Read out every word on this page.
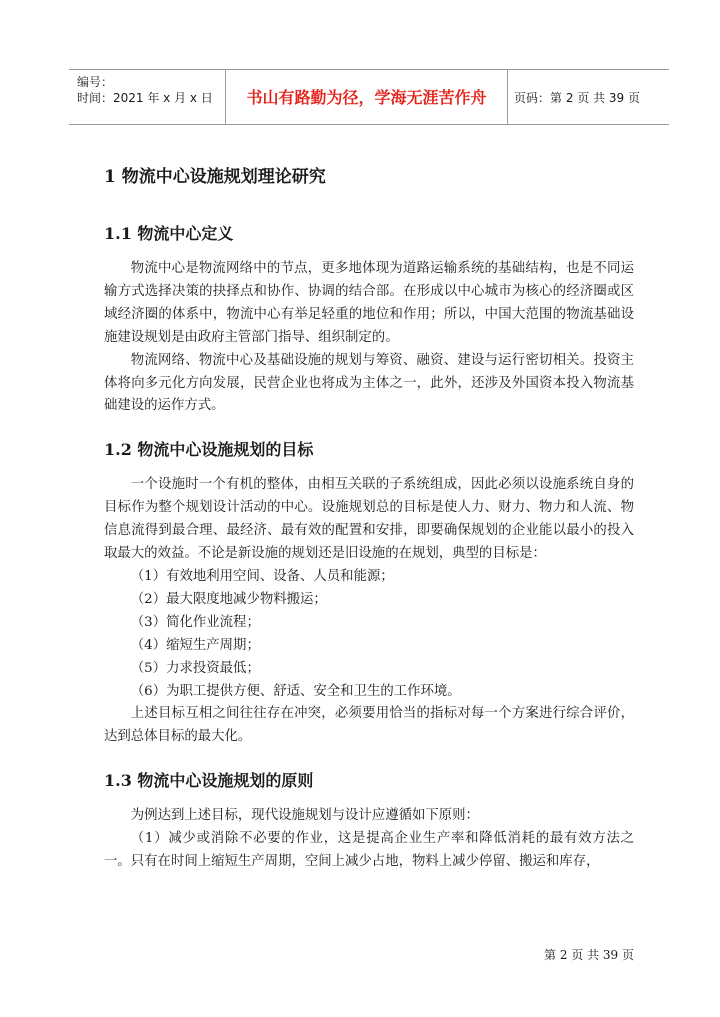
编号：
时间：2021 年 x 月 x 日	书山有路勤为径，学海无涯苦作舟	页码：第 2 页 共 39 页
1 物流中心设施规划理论研究
1.1 物流中心定义

物流中心是物流网络中的节点，更多地体现为道路运输系统的基础结构，也是不同运输方式选择决策的抉择点和协作、协调的结合部。在形成以中心城市为核心的经济圈或区域经济圈的体系中，物流中心有举足轻重的地位和作用；所以，中国大范围的物流基础设施建设规划是由政府主管部门指导、组织制定的。

物流网络、物流中心及基础设施的规划与筹资、融资、建设与运行密切相关。投资主体将向多元化方向发展，民营企业也将成为主体之一，此外，还涉及外国资本投入物流基础建设的运作方式。

1.2 物流中心设施规划的目标

一个设施时一个有机的整体，由相互关联的子系统组成，因此必须以设施系统自身的目标作为整个规划设计活动的中心。设施规划总的目标是使人力、财力、物力和人流、物信息流得到最合理、最经济、最有效的配置和安排，即要确保规划的企业能以最小的投入取最大的效益。不论是新设施的规划还是旧设施的在规划，典型的目标是：

（1）有效地利用空间、设备、人员和能源；

（2）最大限度地减少物料搬运；

（3）简化作业流程；

（4）缩短生产周期；

（5）力求投资最低；

（6）为职工提供方便、舒适、安全和卫生的工作环境。

上述目标互相之间往往存在冲突，必须要用恰当的指标对每一个方案进行综合评价，达到总体目标的最大化。

1.3 物流中心设施规划的原则

为例达到上述目标，现代设施规划与设计应遵循如下原则：

（1）减少或消除不必要的作业，这是提高企业生产率和降低消耗的最有效方法之一。只有在时间上缩短生产周期，空间上减少占地，物料上减少停留、搬运和库存，

第 2 页 共 39 页
